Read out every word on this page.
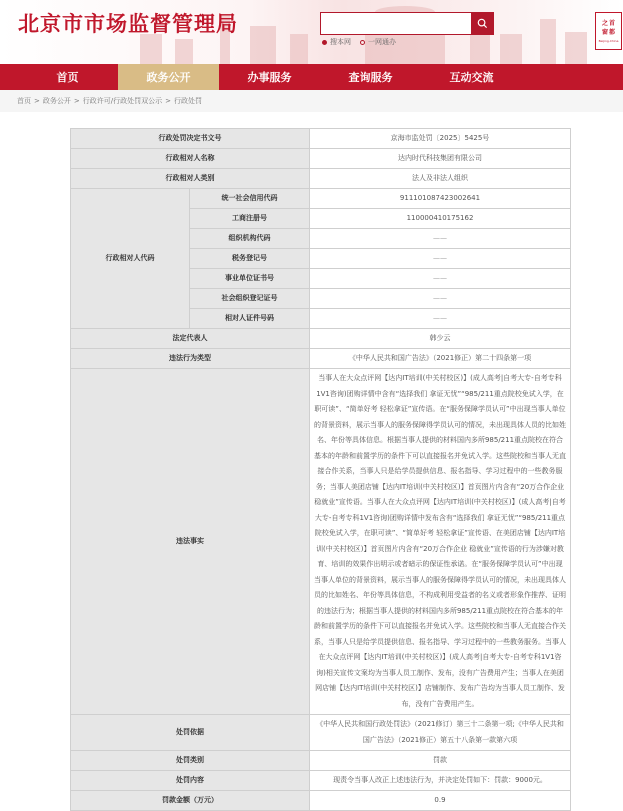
北京市市场监督管理局
搜本网 一网通办
之 首
窗 都
Beijing-China
首页	政务公开	办事服务	查询服务	互动交流
首页 > 政务公开 > 行政许可/行政处罚双公示 > 行政处罚
行政处罚决定书文号		京海市监处罚〔2025〕5425号
行政相对人名称		达内时代科技集团有限公司
行政相对人类别		法人及非法人组织
行政相对人代码	统一社会信用代码	911101087423002641
	工商注册号	110000410175162
	组织机构代码	——
	税务登记号	——
	事业单位证书号	——
	社会组织登记证号	——
	相对人证件号码	——
法定代表人		韩少云
违法行为类型		《中华人民共和国广告法》（2021修正）第二十四条第一项
违法事实		当事人在大众点评网【达内IT培训(中关村校区)】(成人高考|自考大专-自考专科1V1咨询)团购详情中含有“选择我们 拿证无忧”“985/211重点院校免试入学，在职可读”、“简单好考 轻松拿证”宣传语。在“服务保障学员认可”中出现当事人单位的背景资料，展示当事人的服务保障得学员认可的情况，未出现具体人员的比如姓名、年份等具体信息。根据当事人提供的材料国内多所985/211重点院校在符合基本的年龄和前置学历的条件下可以直接报名并免试入学。这些院校和当事人无直接合作关系，当事人只是给学员提供信息、报名指导、学习过程中的一些教务服务；当事人美团店铺【达内IT培训(中关村校区)】首页图片内含有“20万合作企业 稳就业”宣传语。当事人在大众点评网【达内IT培训(中关村校区)】(成人高考|自考大专-自考专科1V1咨询)团购详情中发布含有“选择我们 拿证无忧”“985/211重点院校免试入学，在职可读”、“简单好考 轻松拿证”宣传语、在美团店铺【达内IT培训(中关村校区)】首页图片内含有“20万合作企业 稳就业”宣传语的行为涉嫌对教育、培训的效果作出明示或者暗示的保证性承诺。在“服务保障学员认可”中出现当事人单位的背景资料，展示当事人的服务保障得学员认可的情况，未出现具体人员的比如姓名、年份等具体信息，不构成利用受益者的名义或者形象作推荐、证明的违法行为；根据当事人提供的材料国内多所985/211重点院校在符合基本的年龄和前置学历的条件下可以直接报名并免试入学。这些院校和当事人无直接合作关系，当事人只是给学员提供信息、报名指导、学习过程中的一些教务服务。当事人在大众点评网【达内IT培训(中关村校区)】(成人高考|自考大专-自考专科1V1咨询)相关宣传文案均为当事人员工制作、发布，没有广告费用产生；当事人在美团网店铺【达内IT培训(中关村校区)】店铺制作、发布广告均为当事人员工制作、发布，没有广告费用产生。
处罚依据		《中华人民共和国行政处罚法》（2021修订）第三十二条第一项;《中华人民共和国广告法》（2021修正）第五十八条第一款第六项
处罚类别		罚款
处罚内容		现责令当事人改正上述违法行为，并决定处罚如下：罚款：9000元。
罚款金额（万元）		0.9
